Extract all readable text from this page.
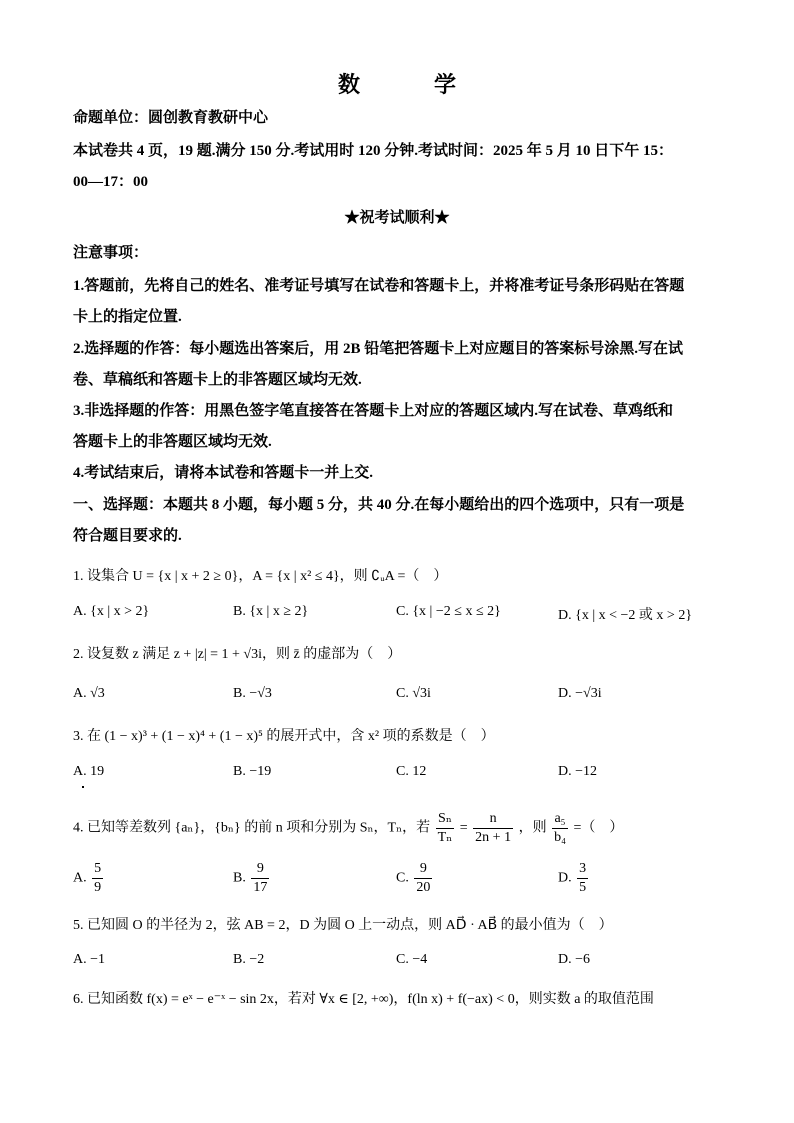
数	学
命题单位：圆创教育教研中心
本试卷共 4 页，19 题.满分 150 分.考试用时 120 分钟.考试时间：2025 年 5 月 10 日下午 15：
00—17：00
★祝考试顺利★
注意事项：
1.答题前，先将自己的姓名、准考证号填写在试卷和答题卡上，并将准考证号条形码贴在答题
卡上的指定位置.
2.选择题的作答：每小题选出答案后，用 2B 铅笔把答题卡上对应题目的答案标号涂黑.写在试
卷、草稿纸和答题卡上的非答题区域均无效.
3.非选择题的作答：用黑色签字笔直接答在答题卡上对应的答题区域内.写在试卷、草鸡纸和
答题卡上的非答题区域均无效.
4.考试结束后，请将本试卷和答题卡一并上交.
一、选择题：本题共 8 小题，每小题 5 分，共 40 分.在每小题给出的四个选项中，只有一项是
符合题目要求的.
1. 设集合 U = {x | x + 2 ≥ 0}，A = {x | x² ≤ 4}，则 ∁ᵤA =（　）
A. {x | x > 2}	B. {x | x ≥ 2}	C. {x | −2 ≤ x ≤ 2}	D. {x | x < −2 或 x > 2}
2. 设复数 z 满足 z + |z| = 1 + √3i，则 z̄ 的虚部为（　）
A. √3	B. −√3	C. √3i	D. −√3i
3. 在 (1 − x)³ + (1 − x)⁴ + (1 − x)⁵ 的展开式中，含 x² 项的系数是（　）
A. 19	B. −19	C. 12	D. −12
4. 已知等差数列 {aₙ}，{bₙ} 的前 n 项和分别为 Sₙ，Tₙ，若 $\frac{\text{Sₙ}}{\text{Tₙ}} = \frac{n}{2n + 1}$ ，则 $\frac{\text{a₅}}{\text{b₄}}$ =（　）
A. $\frac{5}{9}$	B. $\frac{9}{17}$	C. $\frac{9}{20}$	D. $\frac{3}{5}$
5. 已知圆 O 的半径为 2，弦 AB = 2，D 为圆 O 上一动点，则 AD⃗ · AB⃗ 的最小值为（　）
A. −1	B. −2	C. −4	D. −6
6. 已知函数 f(x) = eˣ − e⁻ˣ − sin 2x，若对 ∀x ∈ [2, +∞)，f(ln x) + f(−ax) < 0，则实数 a 的取值范围
